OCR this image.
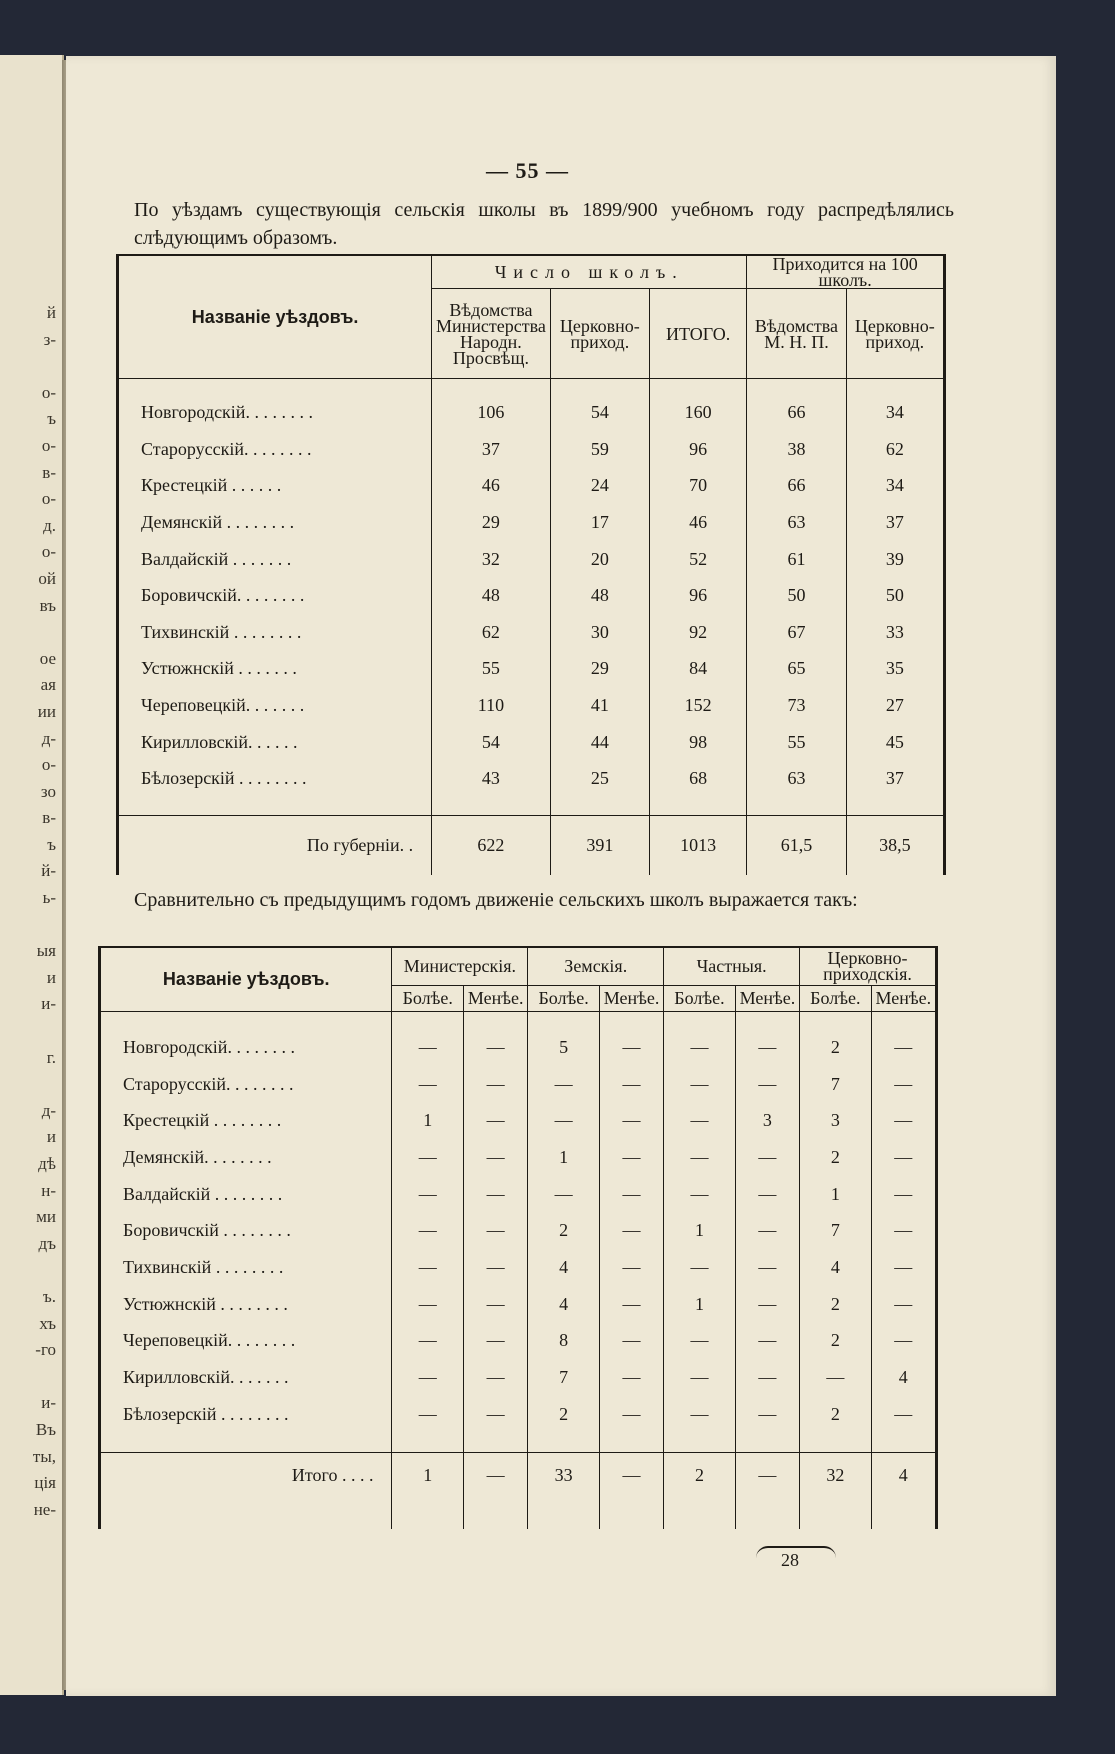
й
з-
о-
ъ
о-
в-
о-
д.
о-
ой
въ
ое
ая
ии
д-
о-
зо
в-
ъ
й-
ь-
ыя
и
и-
г.
д-
и
дѣ
н-
ми
дъ
ъ.
хъ
-го
и-
Въ
ты,
ція
не-
— 55 —
По уѣздамъ существующія сельскія школы въ 1899/900 учебномъ году распредѣлялись слѣдующимъ образомъ.
Названіе уѣздовъ.	Число школъ.			Приходится на 100 школъ.	
	Вѣдомства Министерства Народн. Просвѣщ.	Церковно-приход.	ИТОГО.	Вѣдомства М. Н. П.	Церковно-приход.

Новгородскій. . . . . . . .	106	54	160	66	34
Старорусскій. . . . . . . .	37	59	96	38	62
Крестецкій . . . . . .	46	24	70	66	34
Демянскій . . . . . . . .	29	17	46	63	37
Валдайскій . . . . . . .	32	20	52	61	39
Боровичскій. . . . . . . .	48	48	96	50	50
Тихвинскій . . . . . . . .	62	30	92	67	33
Устюжнскій . . . . . . .	55	29	84	65	35
Череповецкій. . . . . . .	110	41	152	73	27
Кирилловскій. . . . . .	54	44	98	55	45
Бѣлозерскій . . . . . . . .	43	25	68	63	37

По губерніи. .	622	391	1013	61,5	38,5
Сравнительно съ предыдущимъ годомъ движеніе сельскихъ школъ выражается такъ:
Названіе уѣздовъ.	Министерскія.		Земскія.		Частныя.		Церковно-приходскія.	
	Болѣе.	Менѣе.	Болѣе.	Менѣе.	Болѣе.	Менѣе.	Болѣе.	Менѣе.

Новгородскій. . . . . . . .	—	—	5	—	—	—	2	—
Старорусскій. . . . . . . .	—	—	—	—	—	—	7	—
Крестецкій . . . . . . . .	1	—	—	—	—	3	3	—
Демянскій. . . . . . . .	—	—	1	—	—	—	2	—
Валдайскій . . . . . . . .	—	—	—	—	—	—	1	—
Боровичскій . . . . . . . .	—	—	2	—	1	—	7	—
Тихвинскій . . . . . . . .	—	—	4	—	—	—	4	—
Устюжнскій . . . . . . . .	—	—	4	—	1	—	2	—
Череповецкій. . . . . . . .	—	—	8	—	—	—	2	—
Кирилловскій. . . . . . .	—	—	7	—	—	—	—	4
Бѣлозерскій . . . . . . . .	—	—	2	—	—	—	2	—

Итого . . . .	1	—	33	—	2	—	32	4

28
